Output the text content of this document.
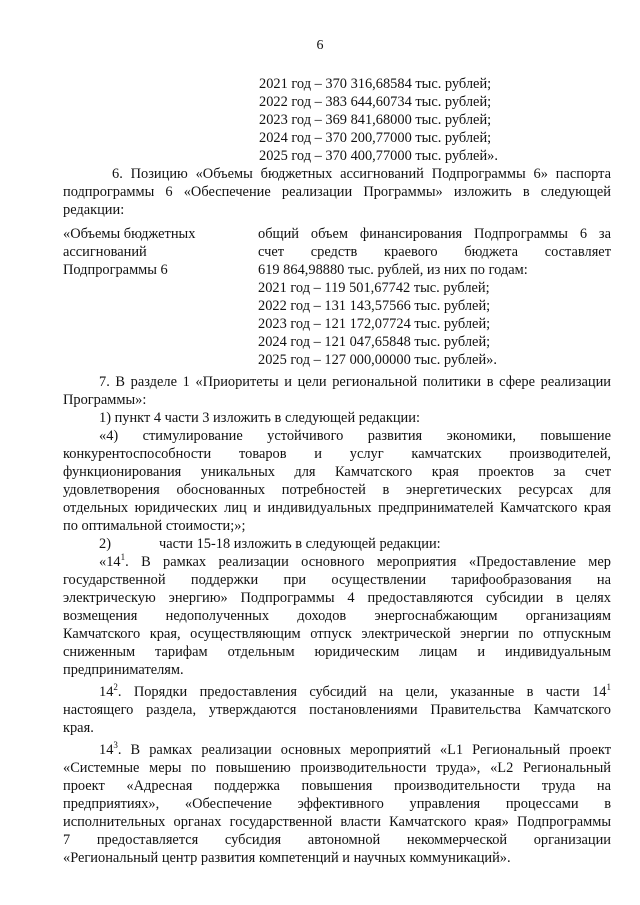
6
2021 год – 370 316,68584 тыс. рублей;
2022 год – 383 644,60734 тыс. рублей;
2023 год – 369 841,68000 тыс. рублей;
2024 год – 370 200,77000 тыс. рублей;
2025 год – 370 400,77000 тыс. рублей».
6. Позицию «Объемы бюджетных ассигнований Подпрограммы 6» паспорта
подпрограммы 6 «Обеспечение реализации Программы» изложить в следующей
редакции:
«Объемы бюджетных
ассигнований
Подпрограммы 6
общий объем финансирования Подпрограммы 6 за
счет средств краевого бюджета составляет
619 864,98880 тыс. рублей, из них по годам:
2021 год – 119 501,67742 тыс. рублей;
2022 год – 131 143,57566 тыс. рублей;
2023 год – 121 172,07724 тыс. рублей;
2024 год – 121 047,65848 тыс. рублей;
2025 год – 127 000,00000 тыс. рублей».
7. В разделе 1 «Приоритеты и цели региональной политики в сфере реализации
Программы»:
1) пункт 4 части 3 изложить в следующей редакции:
«4) стимулирование устойчивого развития экономики, повышение
конкурентоспособности товаров и услуг камчатских производителей,
функционирования уникальных для Камчатского края проектов за счет
удовлетворения обоснованных потребностей в энергетических ресурсах для
отдельных юридических лиц и индивидуальных предпринимателей Камчатского края
по оптимальной стоимости;»;
2)	части 15-18 изложить в следующей редакции:
«$14^1$. В рамках реализации основного мероприятия «Предоставление мер
государственной поддержки при осуществлении тарифообразования на
электрическую энергию» Подпрограммы 4 предоставляются субсидии в целях
возмещения недополученных доходов энергоснабжающим организациям
Камчатского края, осуществляющим отпуск электрической энергии по отпускным
сниженным тарифам отдельным юридическим лицам и индивидуальным
предпринимателям.
$14^2$. Порядки предоставления субсидий на цели, указанные в части $14^1$
настоящего раздела, утверждаются постановлениями Правительства Камчатского
края.
$14^3$. В рамках реализации основных мероприятий «L1 Региональный проект
«Системные меры по повышению производительности труда», «L2 Региональный
проект «Адресная поддержка повышения производительности труда на
предприятиях», «Обеспечение эффективного управления процессами в
исполнительных органах государственной власти Камчатского края» Подпрограммы
7 предоставляется субсидия автономной некоммерческой организации
«Региональный центр развития компетенций и научных коммуникаций».
